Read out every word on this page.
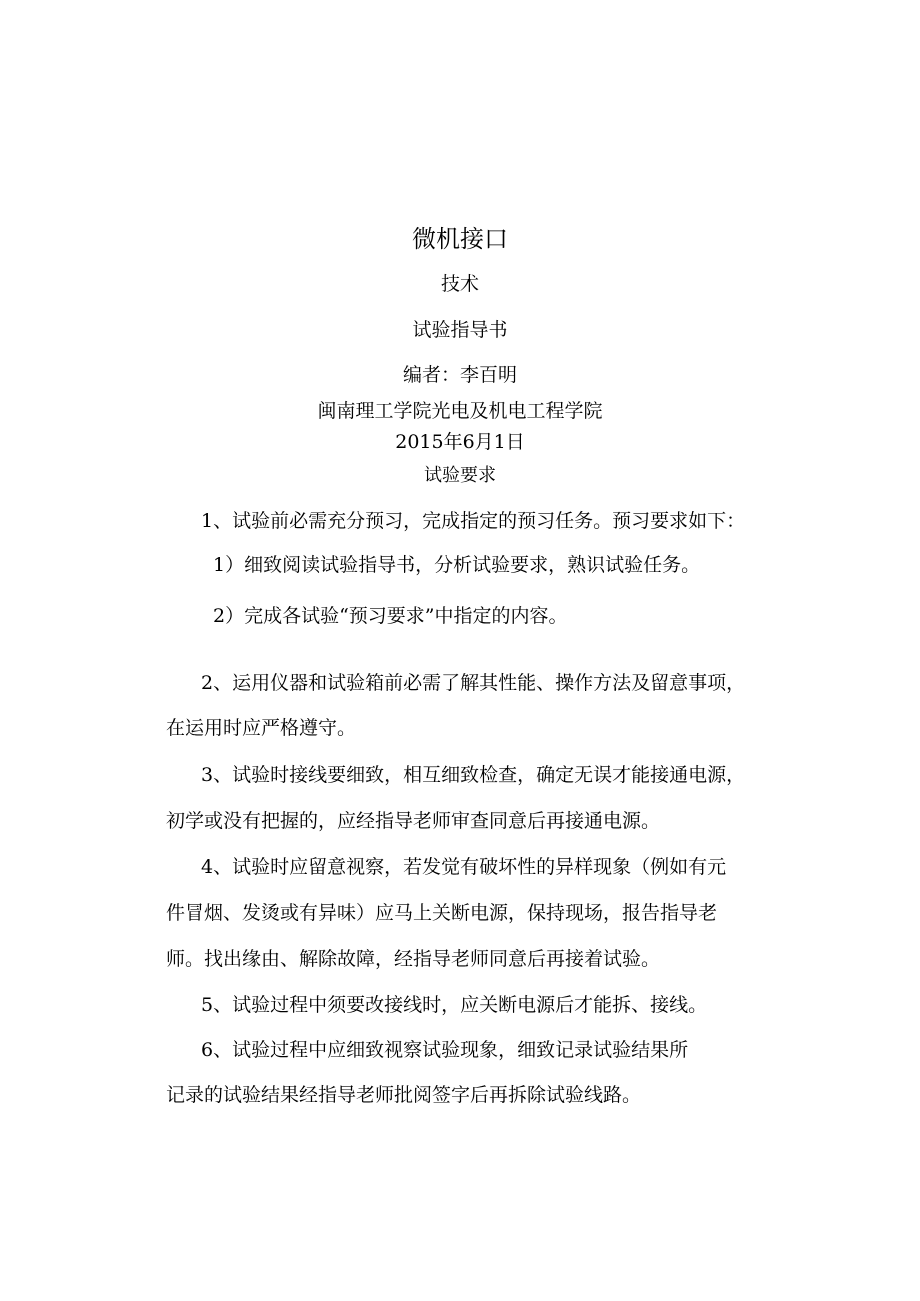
微机接口
技术
试验指导书
编者：李百明
闽南理工学院光电及机电工程学院
2015年6月1日
试验要求
1、试验前必需充分预习，完成指定的预习任务。预习要求如下：
1）细致阅读试验指导书，分析试验要求，熟识试验任务。
2）完成各试验“预习要求”中指定的内容。
2、运用仪器和试验箱前必需了解其性能、操作方法及留意事项，
在运用时应严格遵守。
3、试验时接线要细致，相互细致检查，确定无误才能接通电源，
初学或没有把握的，应经指导老师审查同意后再接通电源。
4、试验时应留意视察，若发觉有破坏性的异样现象（例如有元
件冒烟、发烫或有异味）应马上关断电源，保持现场，报告指导老
师。找出缘由、解除故障，经指导老师同意后再接着试验。
5、试验过程中须要改接线时，应关断电源后才能拆、接线。
6、试验过程中应细致视察试验现象，细致记录试验结果所
记录的试验结果经指导老师批阅签字后再拆除试验线路。
